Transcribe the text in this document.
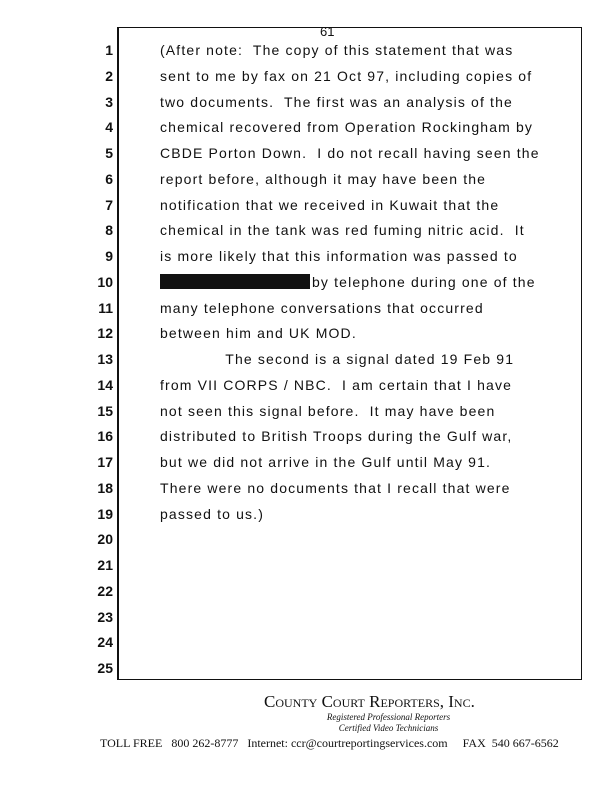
61
1	(After note:  The copy of this statement that was
2	sent to me by fax on 21 Oct 97, including copies of
3	two documents.  The first was an analysis of the
4	chemical recovered from Operation Rockingham by
5	CBDE Porton Down.  I do not recall having seen the
6	report before, although it may have been the
7	notification that we received in Kuwait that the
8	chemical in the tank was red fuming nitric acid.  It
9	is more likely that this information was passed to
10	by telephone during one of the
11	many telephone conversations that occurred
12	between him and UK MOD.
13	The second is a signal dated 19 Feb 91
14	from VII CORPS / NBC.  I am certain that I have
15	not seen this signal before.  It may have been
16	distributed to British Troops during the Gulf war,
17	but we did not arrive in the Gulf until May 91.
18	There were no documents that I recall that were
19	passed to us.)
20
21
22
23
24
25
County Court Reporters, Inc.
Registered Professional Reporters
Certified Video Technicians
TOLL FREE   800 262-8777   Internet: ccr@courtreportingservices.com     FAX  540 667-6562
